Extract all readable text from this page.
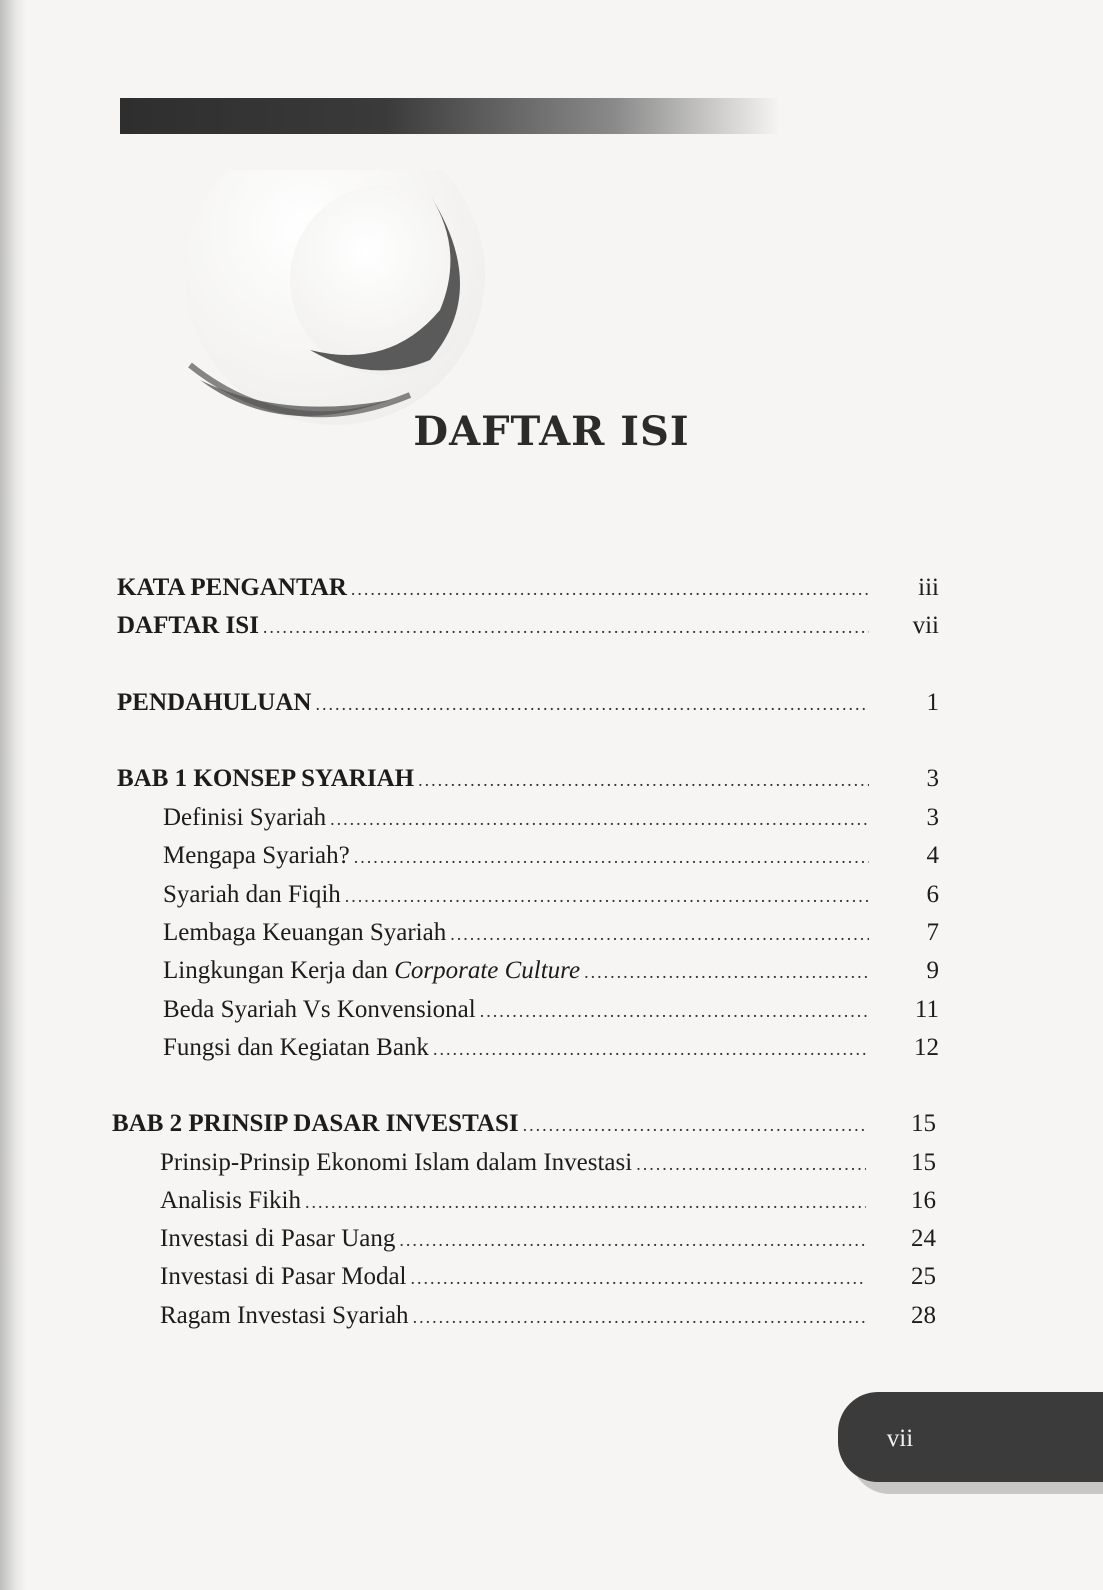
DAFTAR ISI
KATA PENGANTAR .....	iii
DAFTAR ISI .....	vii
PENDAHULUAN .....	1
BAB 1 KONSEP SYARIAH .....	3
Definisi Syariah .....	3
Mengapa Syariah? .....	4
Syariah dan Fiqih .....	6
Lembaga Keuangan Syariah .....	7
Lingkungan Kerja dan Corporate Culture .....	9
Beda Syariah Vs Konvensional .....	11
Fungsi dan Kegiatan Bank .....	12
BAB 2 PRINSIP DASAR INVESTASI .....	15
Prinsip-Prinsip Ekonomi Islam dalam Investasi .....	15
Analisis Fikih .....	16
Investasi di Pasar Uang .....	24
Investasi di Pasar Modal .....	25
Ragam Investasi Syariah .....	28
vii
